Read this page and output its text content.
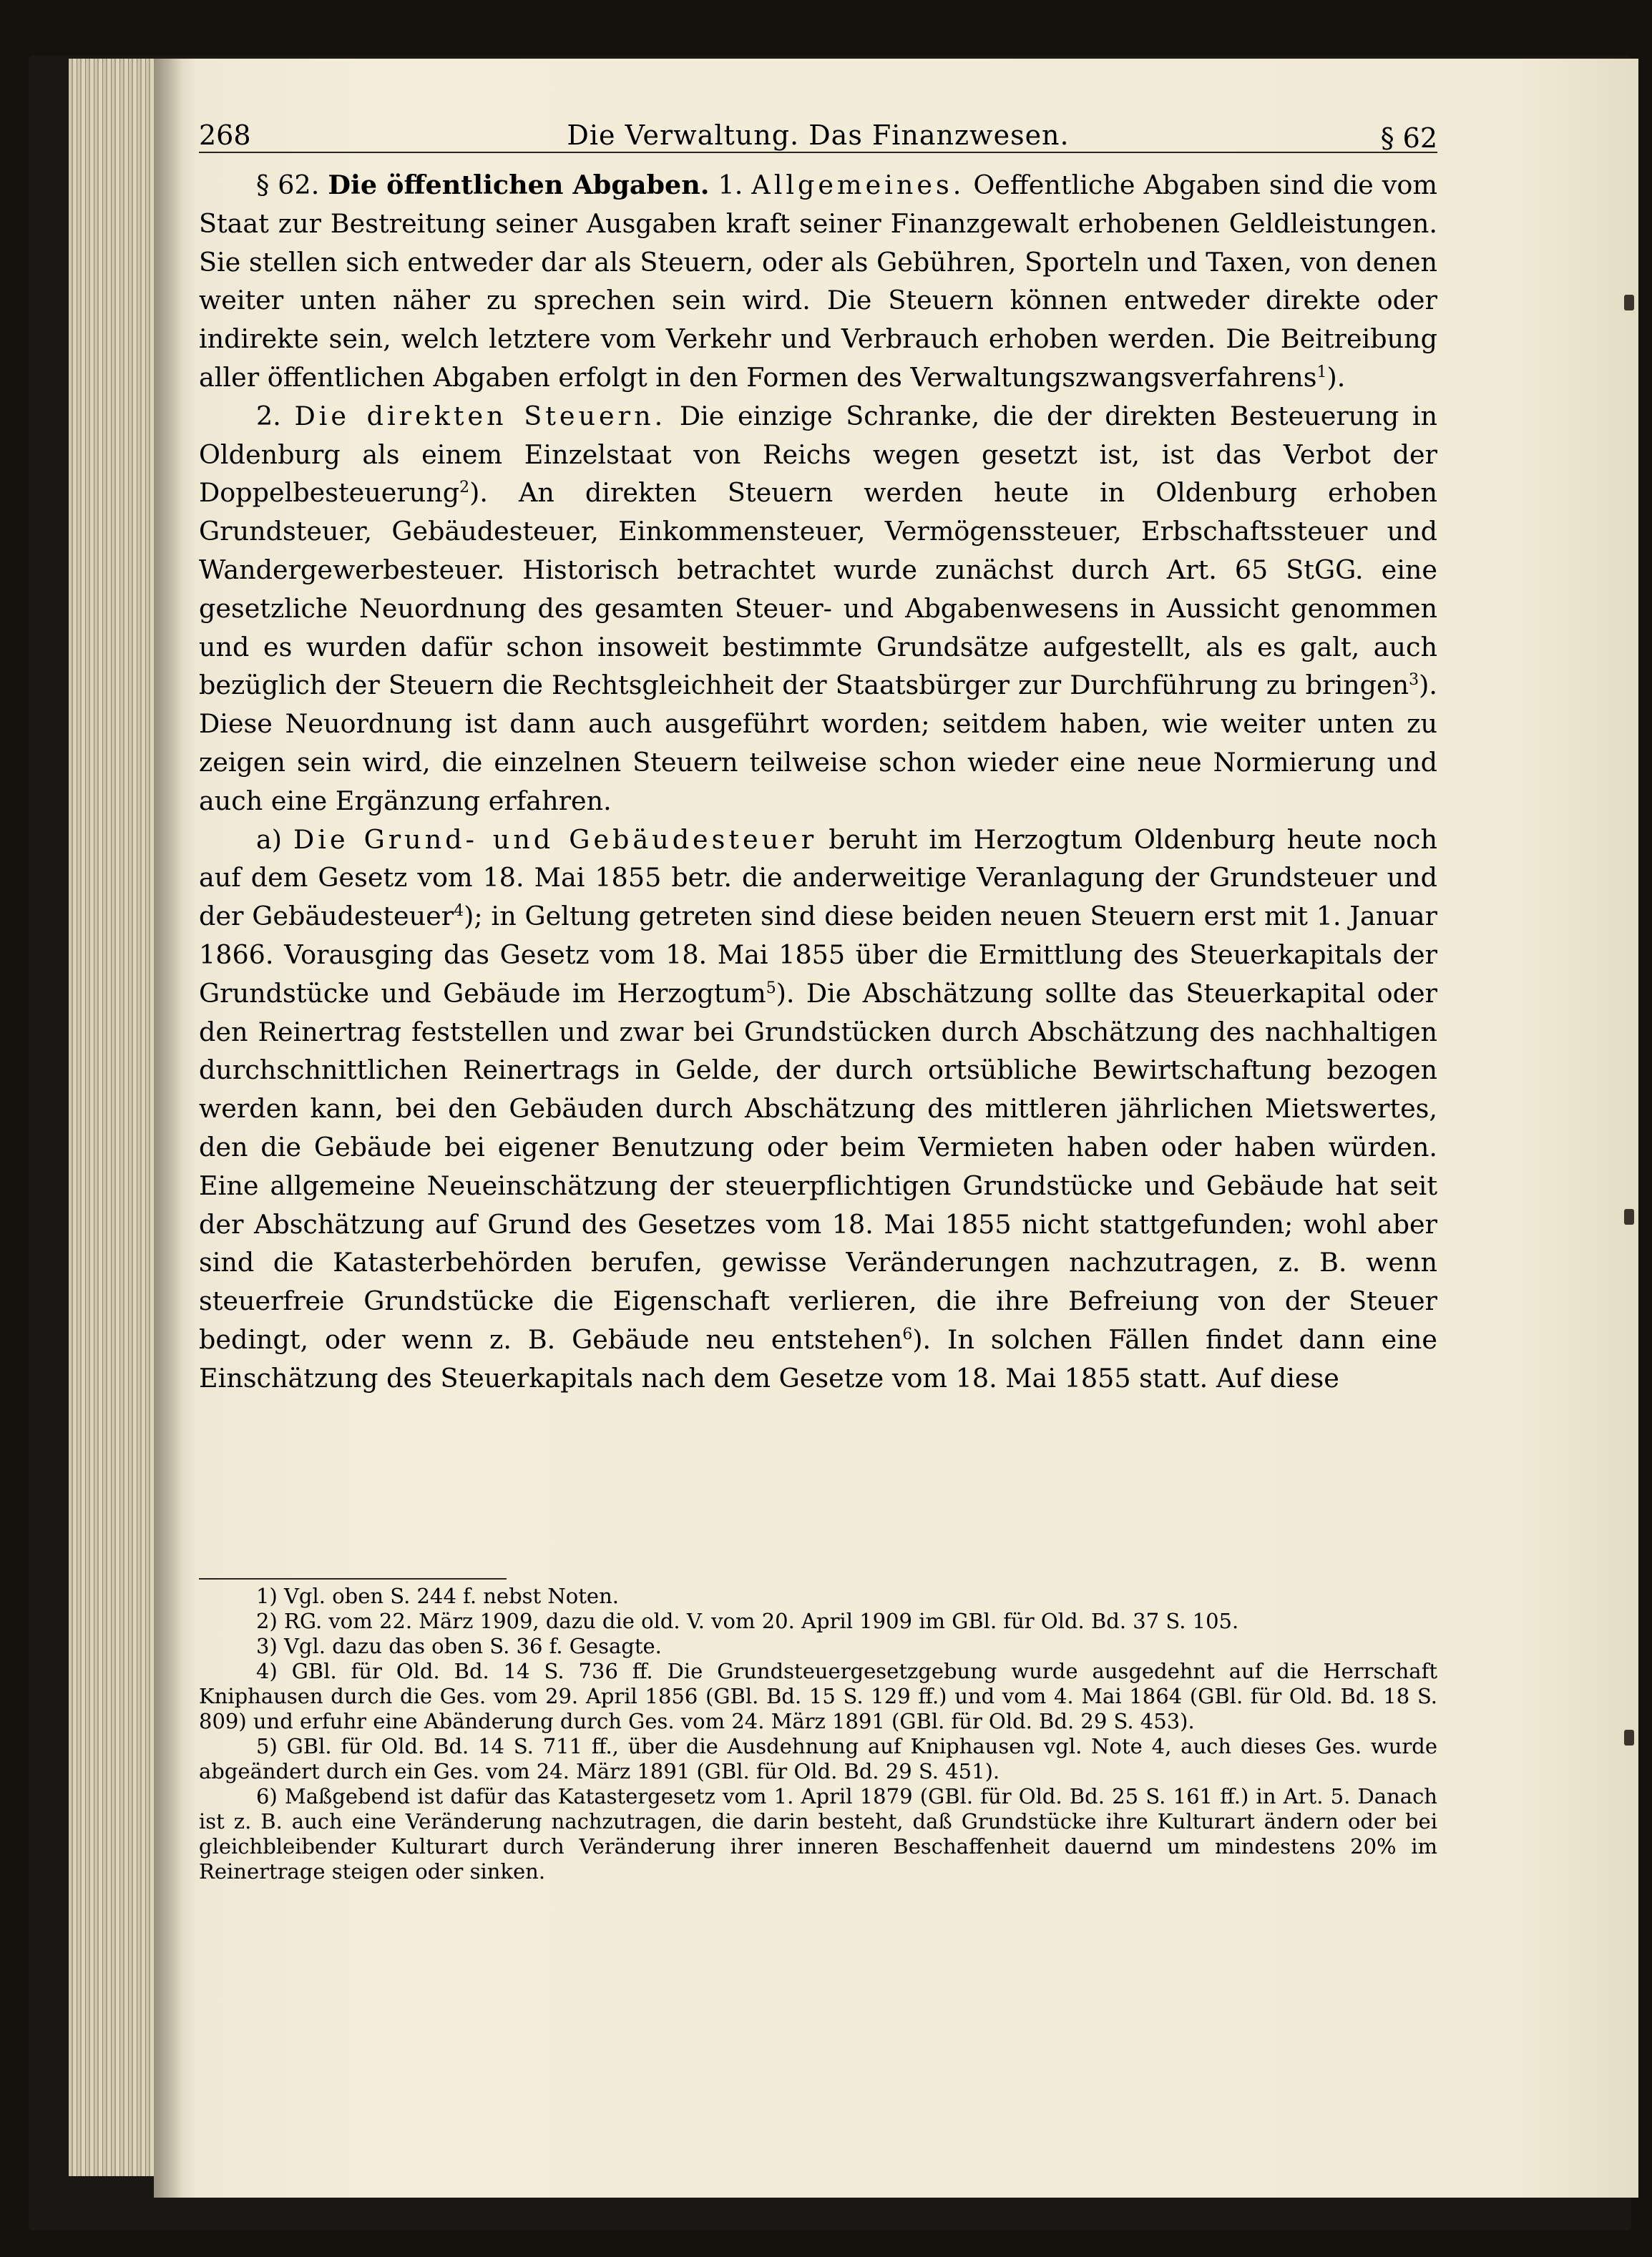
268	Die Verwaltung. Das Finanzwesen.	§ 62

§ 62. Die öffentlichen Abgaben. 1. Allgemeines. Oeffentliche Abgaben sind die vom Staat zur Bestreitung seiner Ausgaben kraft seiner Finanzgewalt erhobenen Geldleistungen. Sie stellen sich entweder dar als Steuern, oder als Gebühren, Sporteln und Taxen, von denen weiter unten näher zu sprechen sein wird. Die Steuern können entweder direkte oder indirekte sein, welch letztere vom Verkehr und Verbrauch erhoben werden. Die Beitreibung aller öffentlichen Abgaben erfolgt in den Formen des Verwaltungszwangsverfahrens$^1$).

2. Die direkten Steuern. Die einzige Schranke, die der direkten Besteuerung in Oldenburg als einem Einzelstaat von Reichs wegen gesetzt ist, ist das Verbot der Doppelbesteuerung$^2$). An direkten Steuern werden heute in Oldenburg erhoben Grundsteuer, Gebäudesteuer, Einkommensteuer, Vermögenssteuer, Erbschaftssteuer und Wandergewerbesteuer. Historisch betrachtet wurde zunächst durch Art. 65 StGG. eine gesetzliche Neuordnung des gesamten Steuer- und Abgabenwesens in Aussicht genommen und es wurden dafür schon insoweit bestimmte Grundsätze aufgestellt, als es galt, auch bezüglich der Steuern die Rechtsgleichheit der Staatsbürger zur Durchführung zu bringen$^3$). Diese Neuordnung ist dann auch ausgeführt worden; seitdem haben, wie weiter unten zu zeigen sein wird, die einzelnen Steuern teilweise schon wieder eine neue Normierung und auch eine Ergänzung erfahren.

a) Die Grund- und Gebäudesteuer beruht im Herzogtum Oldenburg heute noch auf dem Gesetz vom 18. Mai 1855 betr. die anderweitige Veranlagung der Grundsteuer und der Gebäudesteuer$^4$); in Geltung getreten sind diese beiden neuen Steuern erst mit 1. Januar 1866. Vorausging das Gesetz vom 18. Mai 1855 über die Ermittlung des Steuerkapitals der Grundstücke und Gebäude im Herzogtum$^5$). Die Abschätzung sollte das Steuerkapital oder den Reinertrag feststellen und zwar bei Grundstücken durch Abschätzung des nachhaltigen durchschnittlichen Reinertrags in Gelde, der durch ortsübliche Bewirtschaftung bezogen werden kann, bei den Gebäuden durch Abschätzung des mittleren jährlichen Mietswertes, den die Gebäude bei eigener Benutzung oder beim Vermieten haben oder haben würden. Eine allgemeine Neueinschätzung der steuerpflichtigen Grundstücke und Gebäude hat seit der Abschätzung auf Grund des Gesetzes vom 18. Mai 1855 nicht stattgefunden; wohl aber sind die Katasterbehörden berufen, gewisse Veränderungen nachzutragen, z. B. wenn steuerfreie Grundstücke die Eigenschaft verlieren, die ihre Befreiung von der Steuer bedingt, oder wenn z. B. Gebäude neu entstehen$^6$). In solchen Fällen findet dann eine Einschätzung des Steuerkapitals nach dem Gesetze vom 18. Mai 1855 statt. Auf diese

1) Vgl. oben S. 244 f. nebst Noten.

2) RG. vom 22. März 1909, dazu die old. V. vom 20. April 1909 im GBl. für Old. Bd. 37 S. 105.

3) Vgl. dazu das oben S. 36 f. Gesagte.

4) GBl. für Old. Bd. 14 S. 736 ff. Die Grundsteuergesetzgebung wurde ausgedehnt auf die Herrschaft Kniphausen durch die Ges. vom 29. April 1856 (GBl. Bd. 15 S. 129 ff.) und vom 4. Mai 1864 (GBl. für Old. Bd. 18 S. 809) und erfuhr eine Abänderung durch Ges. vom 24. März 1891 (GBl. für Old. Bd. 29 S. 453).

5) GBl. für Old. Bd. 14 S. 711 ff., über die Ausdehnung auf Kniphausen vgl. Note 4, auch dieses Ges. wurde abgeändert durch ein Ges. vom 24. März 1891 (GBl. für Old. Bd. 29 S. 451).

6) Maßgebend ist dafür das Katastergesetz vom 1. April 1879 (GBl. für Old. Bd. 25 S. 161 ff.) in Art. 5. Danach ist z. B. auch eine Veränderung nachzutragen, die darin besteht, daß Grundstücke ihre Kulturart ändern oder bei gleichbleibender Kulturart durch Veränderung ihrer inneren Beschaffenheit dauernd um mindestens 20% im Reinertrage steigen oder sinken.
